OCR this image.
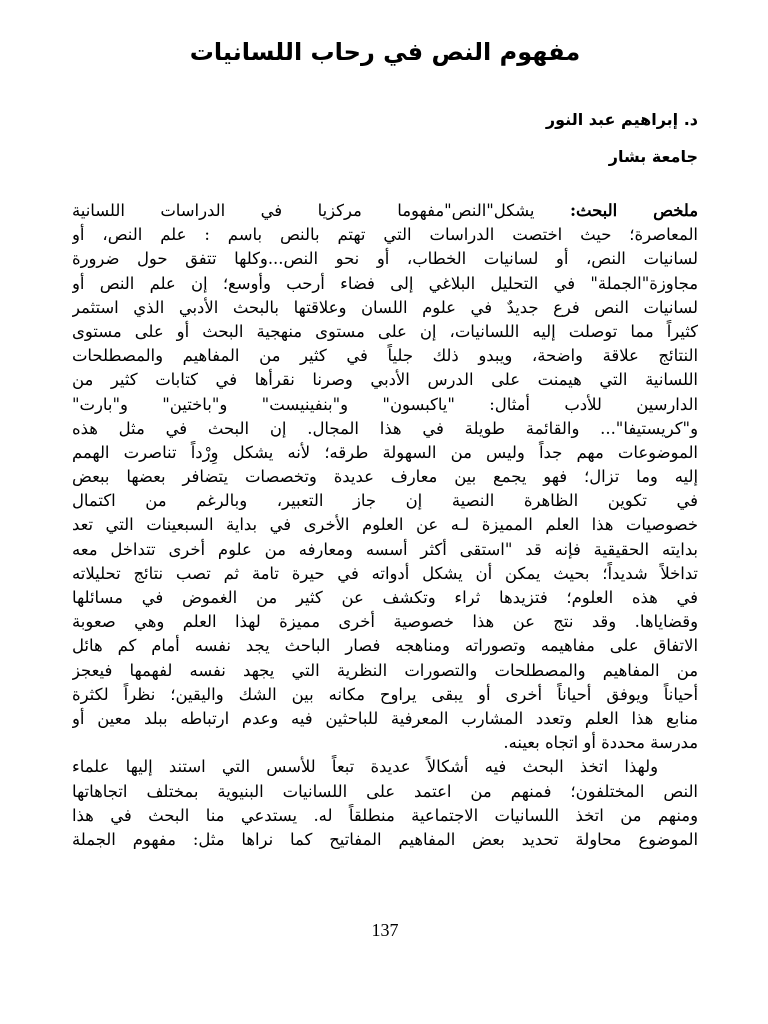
مفهوم النص في رحاب اللسانيات
د. إبراهيم عبد النور
جامعة بشار
ملخص البحث: يشكل"النص"مفهوما مركزيا في الدراسات اللسانية
المعاصرة؛ حيث اختصت الدراسات التي تهتم بالنص باسم : علم النص، أو
لسانيات النص، أو لسانيات الخطاب، أو نحو النص...وكلها تتفق حول ضرورة
مجاوزة"الجملة" في التحليل البلاغي إلى فضاء أرحب وأوسع؛ إن علم النص أو
لسانيات النص فرع جديدٌ في علوم اللسان وعلاقتها بالبحث الأدبي الذي استثمر
كثيراً مما توصلت إليه اللسانيات، إن على مستوى منهجية البحث أو على مستوى
النتائج علاقة واضحة، ويبدو ذلك جلياً في كثير من المفاهيم والمصطلحات
اللسانية التي هيمنت على الدرس الأدبي وصرنا نقرأها في كتابات كثير من
الدارسين للأدب أمثال: "ياكبسون" و"بنفينيست" و"باختين" و"بارت"
و"كريستيفا"... والقائمة طويلة في هذا المجال. إن البحث في مثل هذه
الموضوعات مهم جداً وليس من السهولة طرقه؛ لأنه يشكل وِرْداً تناصرت الهمم
إليه وما تزال؛ فهو يجمع بين معارف عديدة وتخصصات يتضافر بعضها ببعض
في تكوين الظاهرة النصية إن جاز التعبير، وبالرغم من اكتمال
خصوصيات هذا العلم المميزة لـه عن العلوم الأخرى في بداية السبعينات التي تعد
بدايته الحقيقية فإنه قد "استقى أكثر أسسه ومعارفه من علوم أخرى تتداخل معه
تداخلاً شديداً؛ بحيث يمكن أن يشكل أدواته في حيرة تامة ثم تصب نتائج تحليلاته
في هذه العلوم؛ فتزيدها ثراء وتكشف عن كثير من الغموض في مسائلها
وقضاياها. وقد نتج عن هذا خصوصية أخرى مميزة لهذا العلم وهي صعوبة
الاتفاق على مفاهيمه وتصوراته ومناهجه فصار الباحث يجد نفسه أمام كم هائل
من المفاهيم والمصطلحات والتصورات النظرية التي يجهد نفسه لفهمها فيعجز
أحياناً ويوفق أحياناً أخرى أو يبقى يراوح مكانه بين الشك واليقين؛ نظراً لكثرة
منابع هذا العلم وتعدد المشارب المعرفية للباحثين فيه وعدم ارتباطه ببلد معين أو
مدرسة محددة أو اتجاه بعينه.
ولهذا اتخذ البحث فيه أشكالاً عديدة تبعاً للأسس التي استند إليها علماء
النص المختلفون؛ فمنهم من اعتمد على اللسانيات البنيوية بمختلف اتجاهاتها
ومنهم من اتخذ اللسانيات الاجتماعية منطلقاً له. يستدعي منا البحث في هذا
الموضوع محاولة تحديد بعض المفاهيم المفاتيح كما نراها مثل: مفهوم الجملة
137
